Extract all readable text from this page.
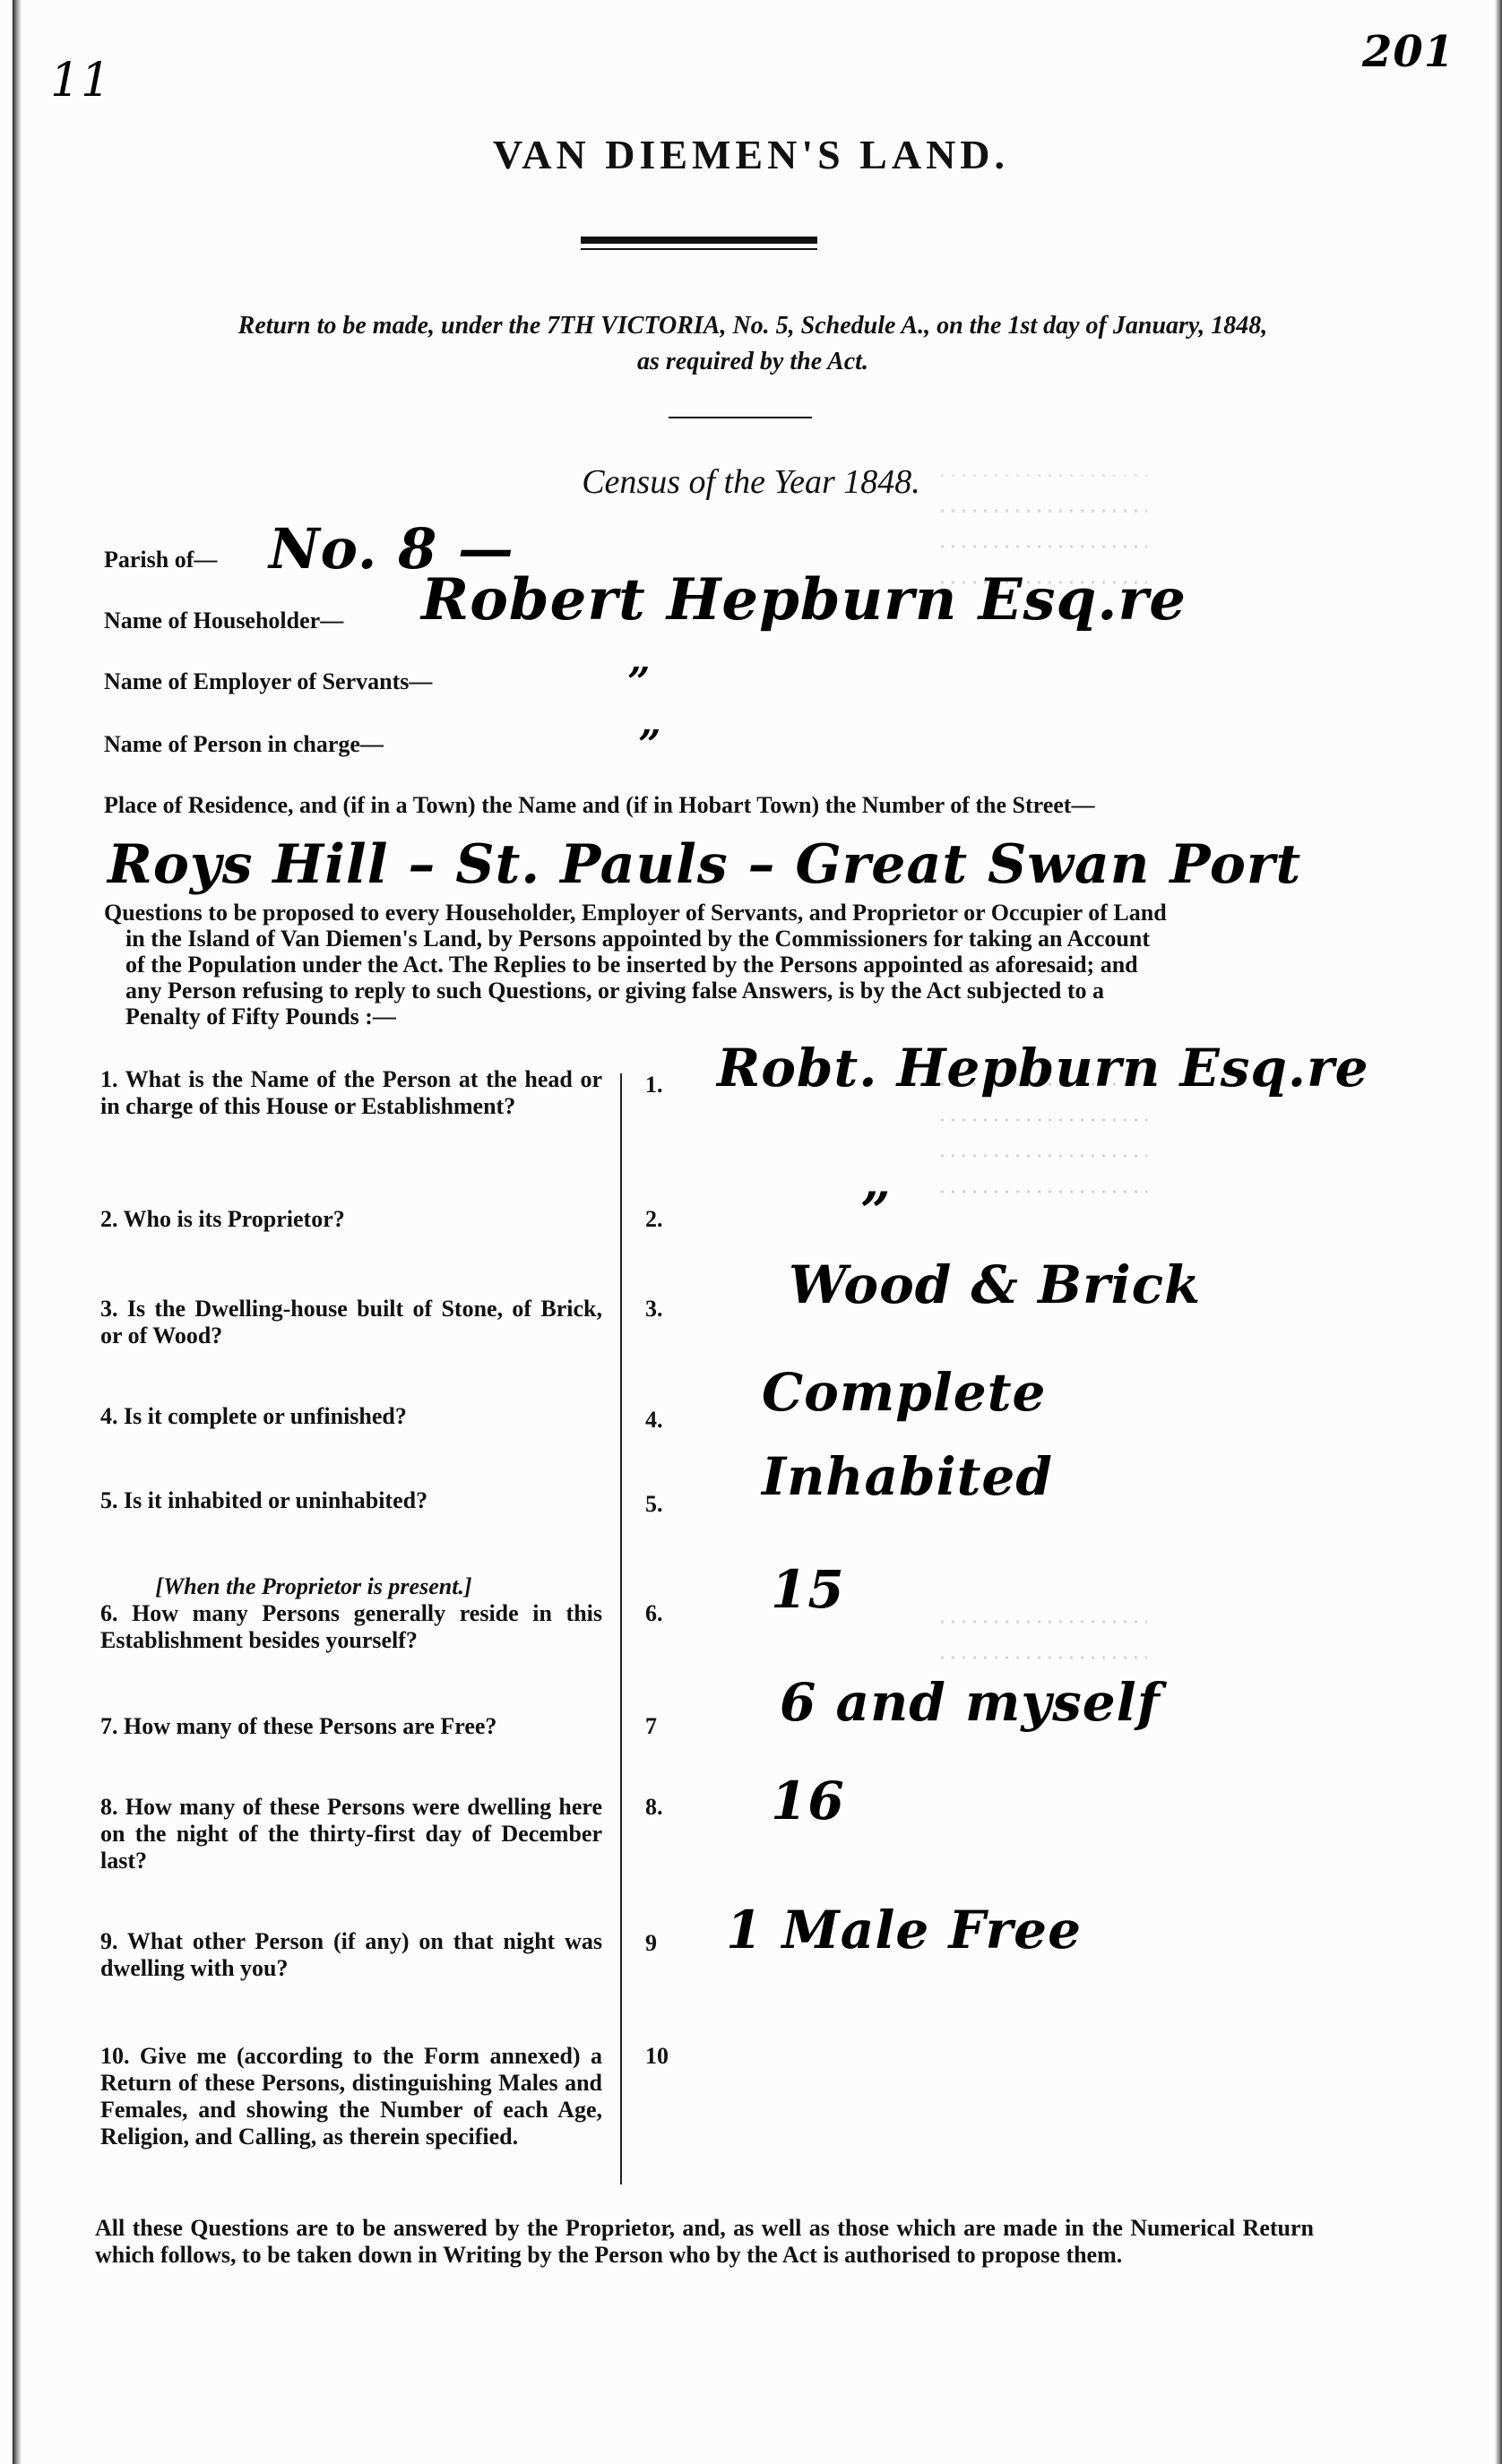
201
11
VAN DIEMEN'S LAND.
Return to be made, under the 7TH VICTORIA, No. 5, Schedule A., on the 1st day of January, 1848,
as required by the Act.
Census of the Year 1848.
Parish of— No. 8 —
Name of Householder— Robert Hepburn Esq.re
Name of Employer of Servants—	”
Name of Person in charge—	”
Place of Residence, and (if in a Town) the Name and (if in Hobart Town) the Number of the Street—
Roys Hill – St. Pauls – Great Swan Port
Questions to be proposed to every Householder, Employer of Servants, and Proprietor or Occupier of Land
in the Island of Van Diemen's Land, by Persons appointed by the Commissioners for taking an Account
of the Population under the Act. The Replies to be inserted by the Persons appointed as aforesaid; and
any Person refusing to reply to such Questions, or giving false Answers, is by the Act subjected to a
Penalty of Fifty Pounds :—
1. What is the Name of the Person at the head or in charge of this House or Establishment?
1. Robt. Hepburn Esq.re
2. Who is its Proprietor?	2.	”
3. Is the Dwelling-house built of Stone, of Brick, or of Wood?
3. Wood & Brick
4. Is it complete or unfinished?	4. Complete
5. Is it inhabited or uninhabited?	5. Inhabited
[When the Proprietor is present.]
6. How many Persons generally reside in this Establishment besides yourself?
6. 15
7. How many of these Persons are Free?	7 6 and myself
8. How many of these Persons were dwelling here on the night of the thirty-first day of December last?
8. 16
9. What other Person (if any) on that night was dwelling with you?
9 1 Male Free
10. Give me (according to the Form annexed) a Return of these Persons, distinguishing Males and Females, and showing the Number of each Age, Religion, and Calling, as therein specified.
10
All these Questions are to be answered by the Proprietor, and, as well as those which are made in the Numerical Return which follows, to be taken down in Writing by the Person who by the Act is authorised to propose them.
